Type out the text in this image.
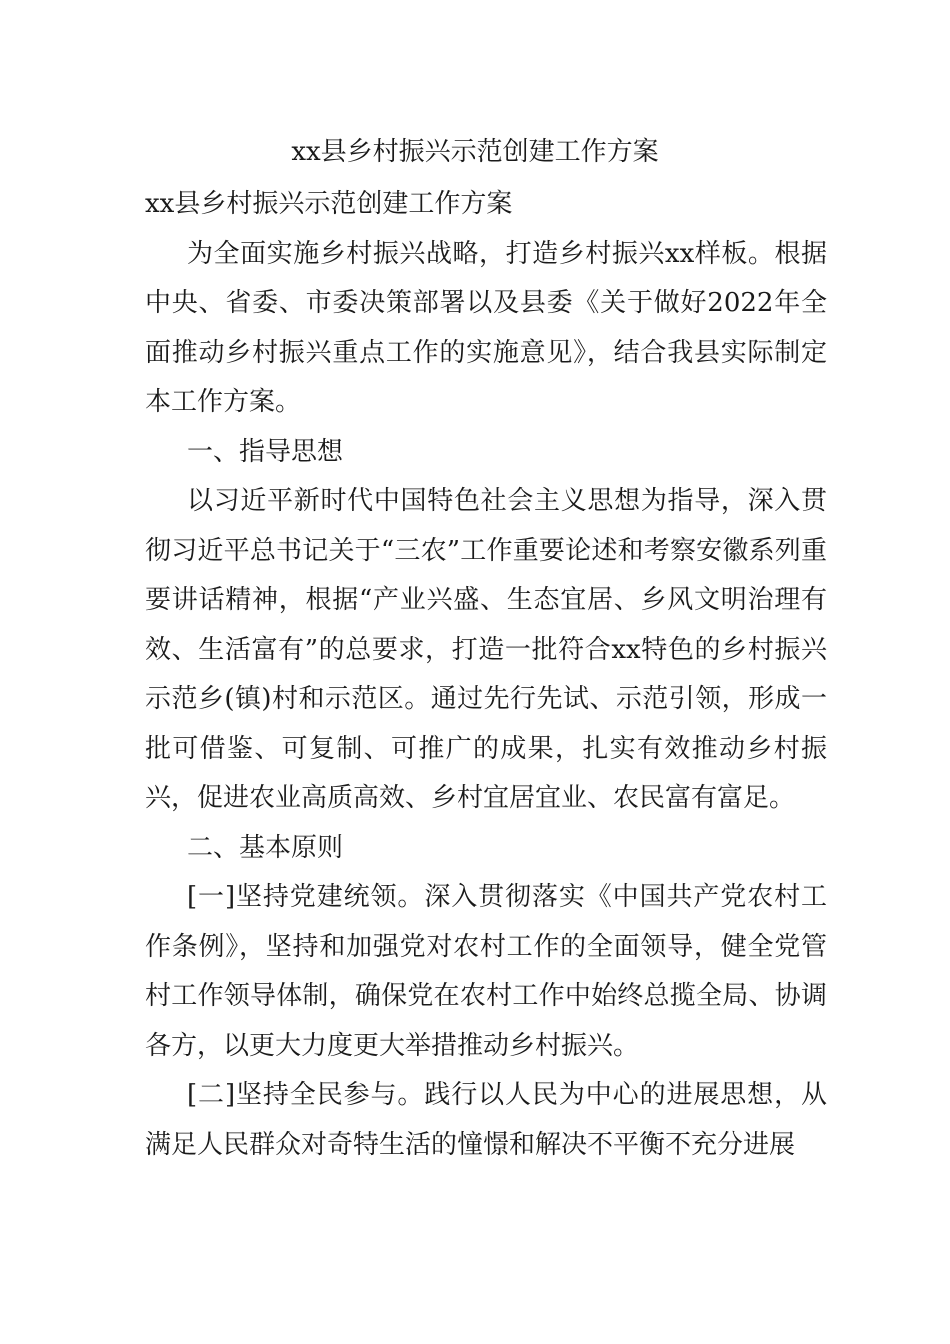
xx县乡村振兴示范创建工作方案

xx县乡村振兴示范创建工作方案

为全面实施乡村振兴战略，打造乡村振兴xx样板。根据中央、省委、市委决策部署以及县委《关于做好2022年全面推动乡村振兴重点工作的实施意见》，结合我县实际制定本工作方案。

一、指导思想

以习近平新时代中国特色社会主义思想为指导，深入贯彻习近平总书记关于“三农”工作重要论述和考察安徽系列重要讲话精神，根据“产业兴盛、生态宜居、乡风文明治理有效、生活富有”的总要求，打造一批符合xx特色的乡村振兴示范乡(镇)村和示范区。通过先行先试、示范引领，形成一批可借鉴、可复制、可推广的成果，扎实有效推动乡村振兴，促进农业高质高效、乡村宜居宜业、农民富有富足。

二、基本原则

[一]坚持党建统领。深入贯彻落实《中国共产党农村工作条例》，坚持和加强党对农村工作的全面领导，健全党管村工作领导体制，确保党在农村工作中始终总揽全局、协调各方，以更大力度更大举措推动乡村振兴。

[二]坚持全民参与。践行以人民为中心的进展思想，从满足人民群众对奇特生活的憧憬和解决不平衡不充分进展
